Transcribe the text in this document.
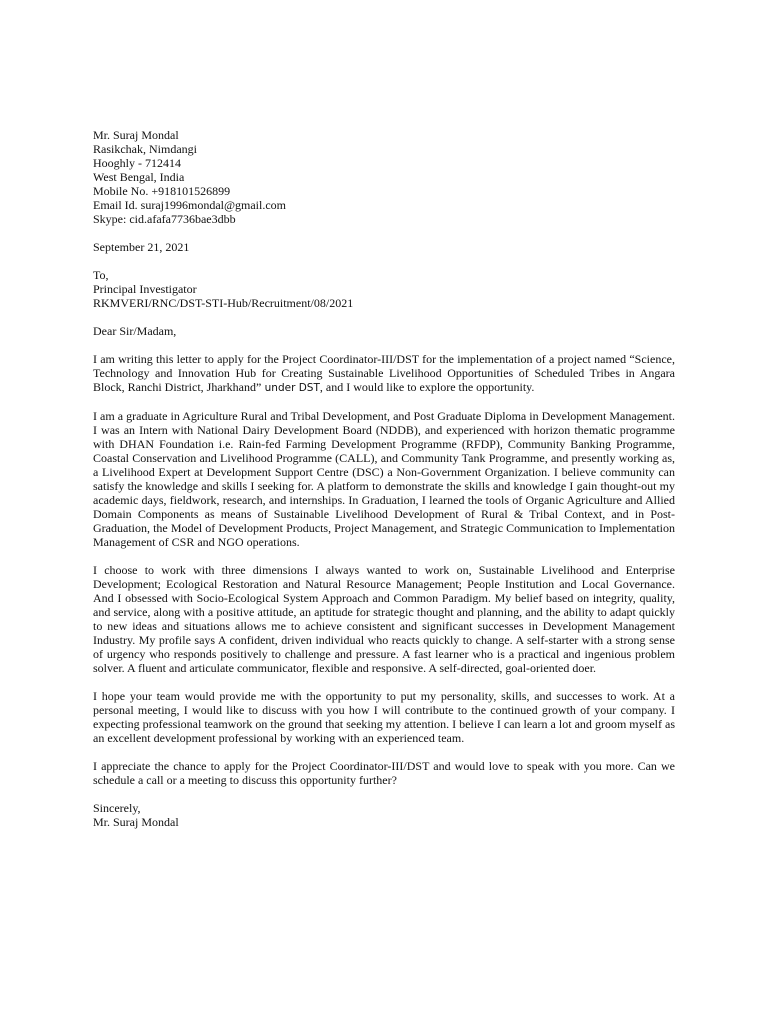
Mr. Suraj Mondal
Rasikchak, Nimdangi
Hooghly - 712414
West Bengal, India
Mobile No. +918101526899
Email Id. suraj1996mondal@gmail.com
Skype: cid.afafa7736bae3dbb
September 21, 2021
To,
Principal Investigator
RKMVERI/RNC/DST-STI-Hub/Recruitment/08/2021
Dear Sir/Madam,

I am writing this letter to apply for the Project Coordinator-III/DST for the implementation of a project named “Science, Technology and Innovation Hub for Creating Sustainable Livelihood Opportunities of Scheduled Tribes in Angara Block, Ranchi District, Jharkhand” under DST, and I would like to explore the opportunity.

I am a graduate in Agriculture Rural and Tribal Development, and Post Graduate Diploma in Development Management. I was an Intern with National Dairy Development Board (NDDB), and experienced with horizon thematic programme with DHAN Foundation i.e. Rain-fed Farming Development Programme (RFDP), Community Banking Programme, Coastal Conservation and Livelihood Programme (CALL), and Community Tank Programme, and presently working as, a Livelihood Expert at Development Support Centre (DSC) a Non-Government Organization. I believe community can satisfy the knowledge and skills I seeking for. A platform to demonstrate the skills and knowledge I gain thought-out my academic days, fieldwork, research, and internships. In Graduation, I learned the tools of Organic Agriculture and Allied Domain Components as means of Sustainable Livelihood Development of Rural & Tribal Context, and in Post-Graduation, the Model of Development Products, Project Management, and Strategic Communication to Implementation Management of CSR and NGO operations.

I choose to work with three dimensions I always wanted to work on, Sustainable Livelihood and Enterprise Development; Ecological Restoration and Natural Resource Management; People Institution and Local Governance. And I obsessed with Socio-Ecological System Approach and Common Paradigm. My belief based on integrity, quality, and service, along with a positive attitude, an aptitude for strategic thought and planning, and the ability to adapt quickly to new ideas and situations allows me to achieve consistent and significant successes in Development Management Industry. My profile says A confident, driven individual who reacts quickly to change. A self-starter with a strong sense of urgency who responds positively to challenge and pressure. A fast learner who is a practical and ingenious problem solver. A fluent and articulate communicator, flexible and responsive. A self-directed, goal-oriented doer.

I hope your team would provide me with the opportunity to put my personality, skills, and successes to work. At a personal meeting, I would like to discuss with you how I will contribute to the continued growth of your company. I expecting professional teamwork on the ground that seeking my attention. I believe I can learn a lot and groom myself as an excellent development professional by working with an experienced team.

I appreciate the chance to apply for the Project Coordinator-III/DST and would love to speak with you more. Can we schedule a call or a meeting to discuss this opportunity further?

Sincerely,
Mr. Suraj Mondal
